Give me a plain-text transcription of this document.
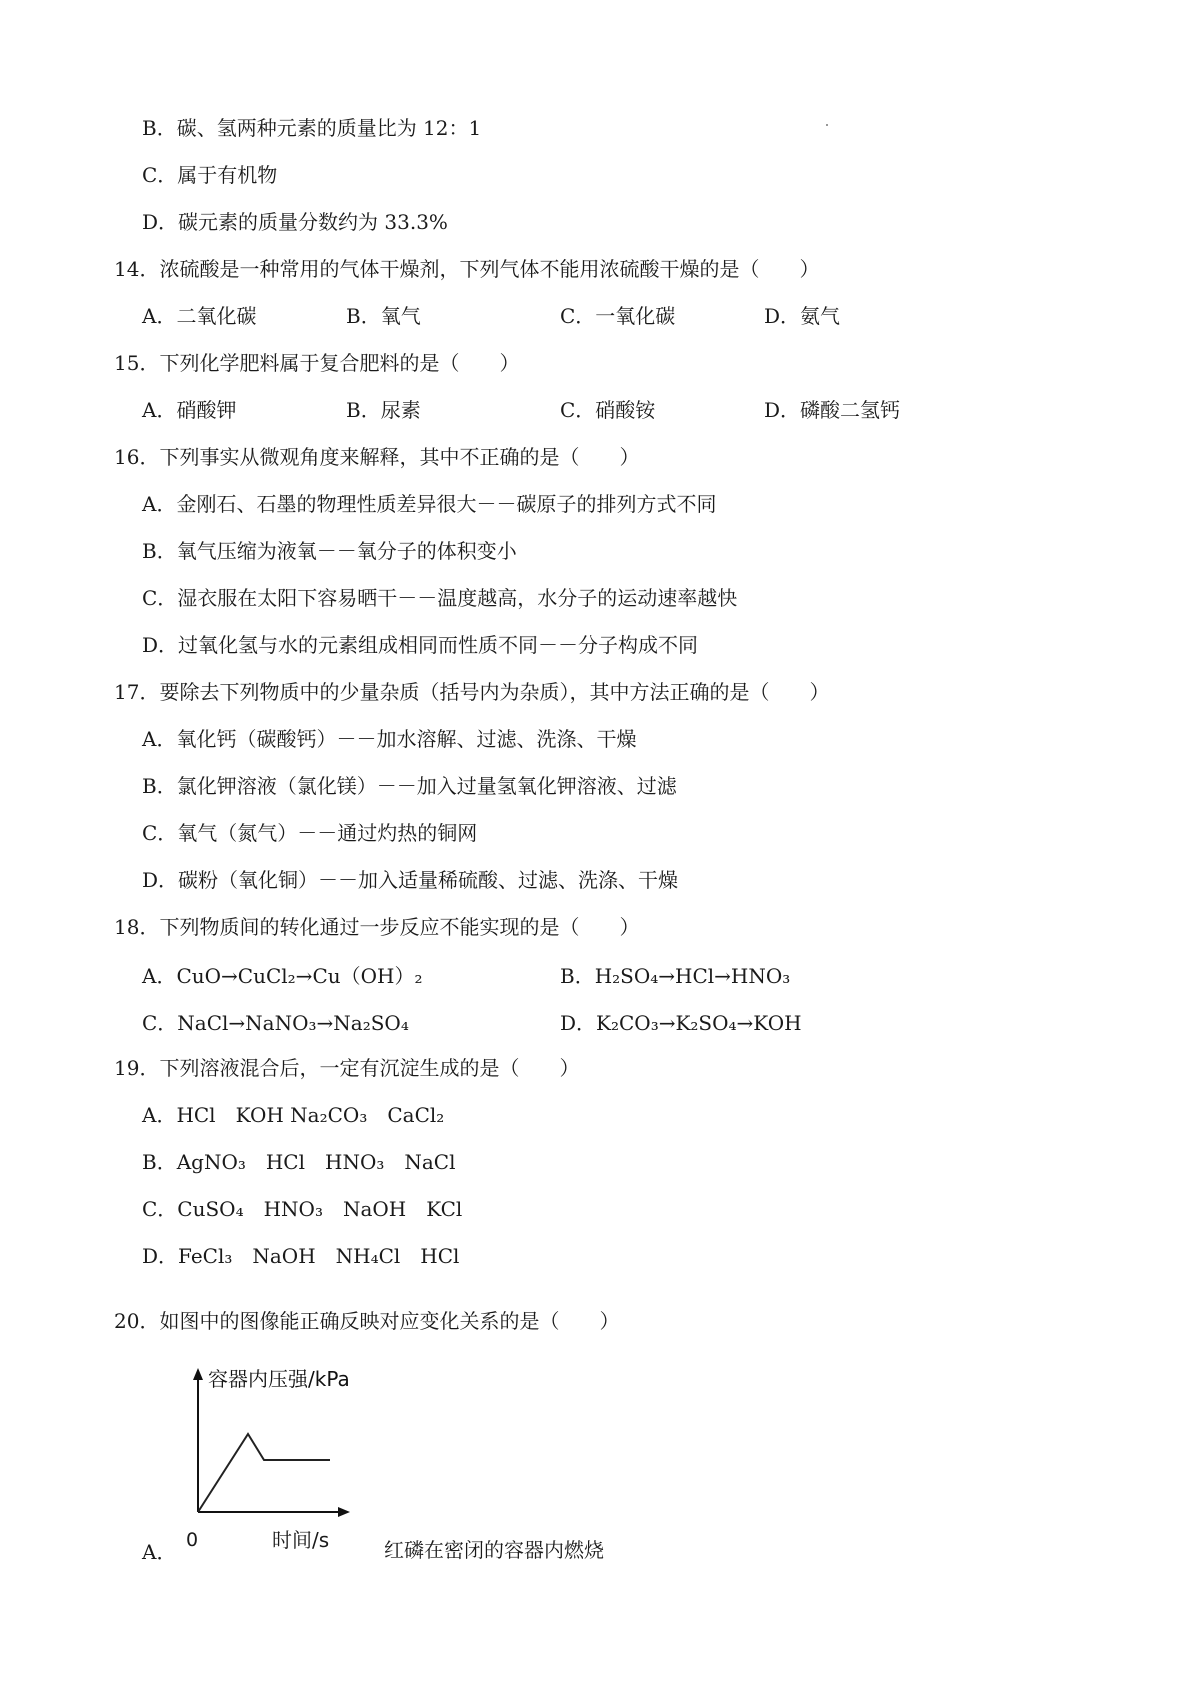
B．碳、氢两种元素的质量比为 12：1
C．属于有机物
D．碳元素的质量分数约为 33.3%
14．浓硫酸是一种常用的气体干燥剂，下列气体不能用浓硫酸干燥的是（　　）
A．二氧化碳	B．氧气	C．一氧化碳	D．氨气
15．下列化学肥料属于复合肥料的是（　　）
A．硝酸钾	B．尿素	C．硝酸铵	D．磷酸二氢钙
16．下列事实从微观角度来解释，其中不正确的是（　　）
A．金刚石、石墨的物理性质差异很大－－碳原子的排列方式不同
B．氧气压缩为液氧－－氧分子的体积变小
C．湿衣服在太阳下容易晒干－－温度越高，水分子的运动速率越快
D．过氧化氢与水的元素组成相同而性质不同－－分子构成不同
17．要除去下列物质中的少量杂质（括号内为杂质），其中方法正确的是（　　）
A．氧化钙（碳酸钙）－－加水溶解、过滤、洗涤、干燥
B．氯化钾溶液（氯化镁）－－加入过量氢氧化钾溶液、过滤
C．氧气（氮气）－－通过灼热的铜网
D．碳粉（氧化铜）－－加入适量稀硫酸、过滤、洗涤、干燥
18．下列物质间的转化通过一步反应不能实现的是（　　）
A．CuO→CuCl₂→Cu（OH）₂	B．H₂SO₄→HCl→HNO₃
C．NaCl→NaNO₃→Na₂SO₄	D．K₂CO₃→K₂SO₄→KOH
19．下列溶液混合后，一定有沉淀生成的是（　　）
A．HCl　KOH Na₂CO₃　CaCl₂
B．AgNO₃　HCl　HNO₃　NaCl
C．CuSO₄　HNO₃　NaOH　KCl
D．FeCl₃　NaOH　NH₄Cl　HCl
20．如图中的图像能正确反映对应变化关系的是（　　）
容器内压强/kPa
A． 0	时间/s	红磷在密闭的容器内燃烧
